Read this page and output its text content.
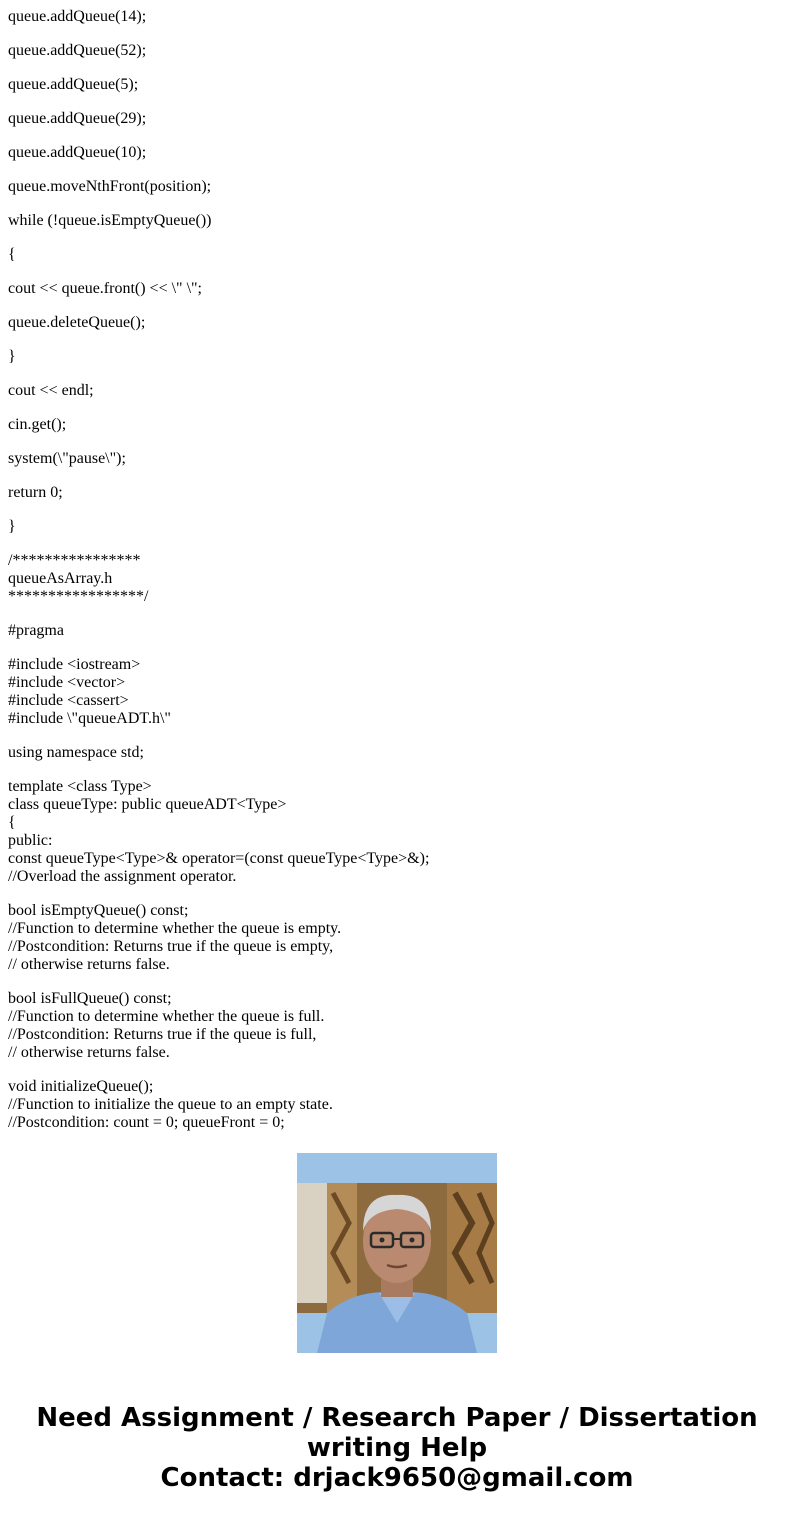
queue.addQueue(14);
queue.addQueue(52);
queue.addQueue(5);
queue.addQueue(29);
queue.addQueue(10);
queue.moveNthFront(position);
while (!queue.isEmptyQueue())
{
cout << queue.front() << \" \";
queue.deleteQueue();
}
cout << endl;
cin.get();
system(\"pause\");
return 0;
}
/****************
queueAsArray.h
*****************/
#pragma
#include <iostream>
#include <vector>
#include <cassert>
#include \"queueADT.h\"
using namespace std;
template <class Type>
class queueType: public queueADT<Type>
{
public:
const queueType<Type>& operator=(const queueType<Type>&);
//Overload the assignment operator.
bool isEmptyQueue() const;
//Function to determine whether the queue is empty.
//Postcondition: Returns true if the queue is empty,
// otherwise returns false.
bool isFullQueue() const;
//Function to determine whether the queue is full.
//Postcondition: Returns true if the queue is full,
// otherwise returns false.
void initializeQueue();
//Function to initialize the queue to an empty state.
//Postcondition: count = 0; queueFront = 0;
Need Assignment / Research Paper / Dissertation
writing Help
Contact: drjack9650@gmail.com
